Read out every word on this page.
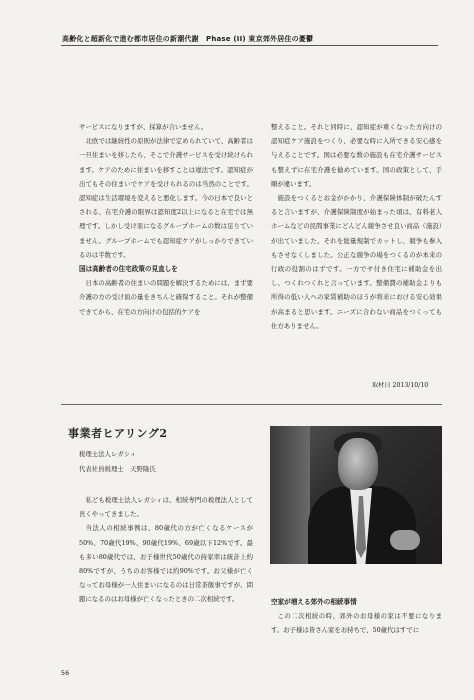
高齢化と超新化で進む都市居住の新潮代謝　Phase (II) 東京郊外居住の憂鬱

サービスになりますが、採算が合いません。

北欧では継続性の原則が法律で定められていて、高齢者は一旦住まいを移したら、そこで介護サービスを受け続けられます。ケアのために住まいを移すことは違法です。認知症が出てもその住まいでケアを受けられるのは当然のことです。認知症は生活環境を変えると悪化します。今の日本で良いとされる、在宅介護の限界は認知度2以上になると在宅では無理です。しかし受け皿になるグループホームの数は足りていません。グループホームでも認知症ケアがしっかりできているのは半数です。

国は高齢者の住宅政策の見直しを

日本の高齢者の住まいの問題を解決するためには、まず要介護の方の受け皿の量をきちんと確保すること。それが整備できてから、在宅の方向けの包括的ケアを

整えること。それと同時に、認知症が重くなった方向けの認知症ケア施設をつくり、必要な時に入所できる安心感を与えることです。国は必要な数の施設も在宅介護サービスも整えずに在宅介護を勧めています。国の政策として、手順が違います。

施設をつくるとお金がかかり、介護保険体制が破たんすると言いますが、介護保険制度が始まった頃は、有料老人ホームなどの民間事業にどんどん競争させ良い商品（施設）が出ていました。それを総量規制でカットし、競争も参入もさせなくしました。公正な競争の場をつくるのが本来の行政の役割のはずです。一方でサ付き住宅に補助金を出し、つくれつくれと言っています。整備費の補助金よりも所得の低い人への家賃補助のほうが将来における安心効果が高まると思います。ニーズに合わない商品をつくっても仕方ありません。

取材日 2013/10/10
事業者ヒアリング2
税理士法人レガシィ
代表社員税理士　天野隆氏

私ども税理士法人レガシィは、相続専門の税理法人として長くやってきました。

当法人の相続事例は、80歳代の方が亡くなるケースが50%、70歳代19%、90歳代19%、69歳以下12%です。最も多い80歳代では、お子様世代50歳代の持家率は統計上約80%ですが、うちのお客様では約90%です。お父様が亡くなってお母様が一人住まいになるのは日常茶飯事ですが、問題になるのはお母様が亡くなったときの二次相続です。	空家が増える郊外の相続事情

この二次相続の時、郊外のお母様の家は不要になります。お子様は皆さん家をお持ちで、50歳代はすでに

56
